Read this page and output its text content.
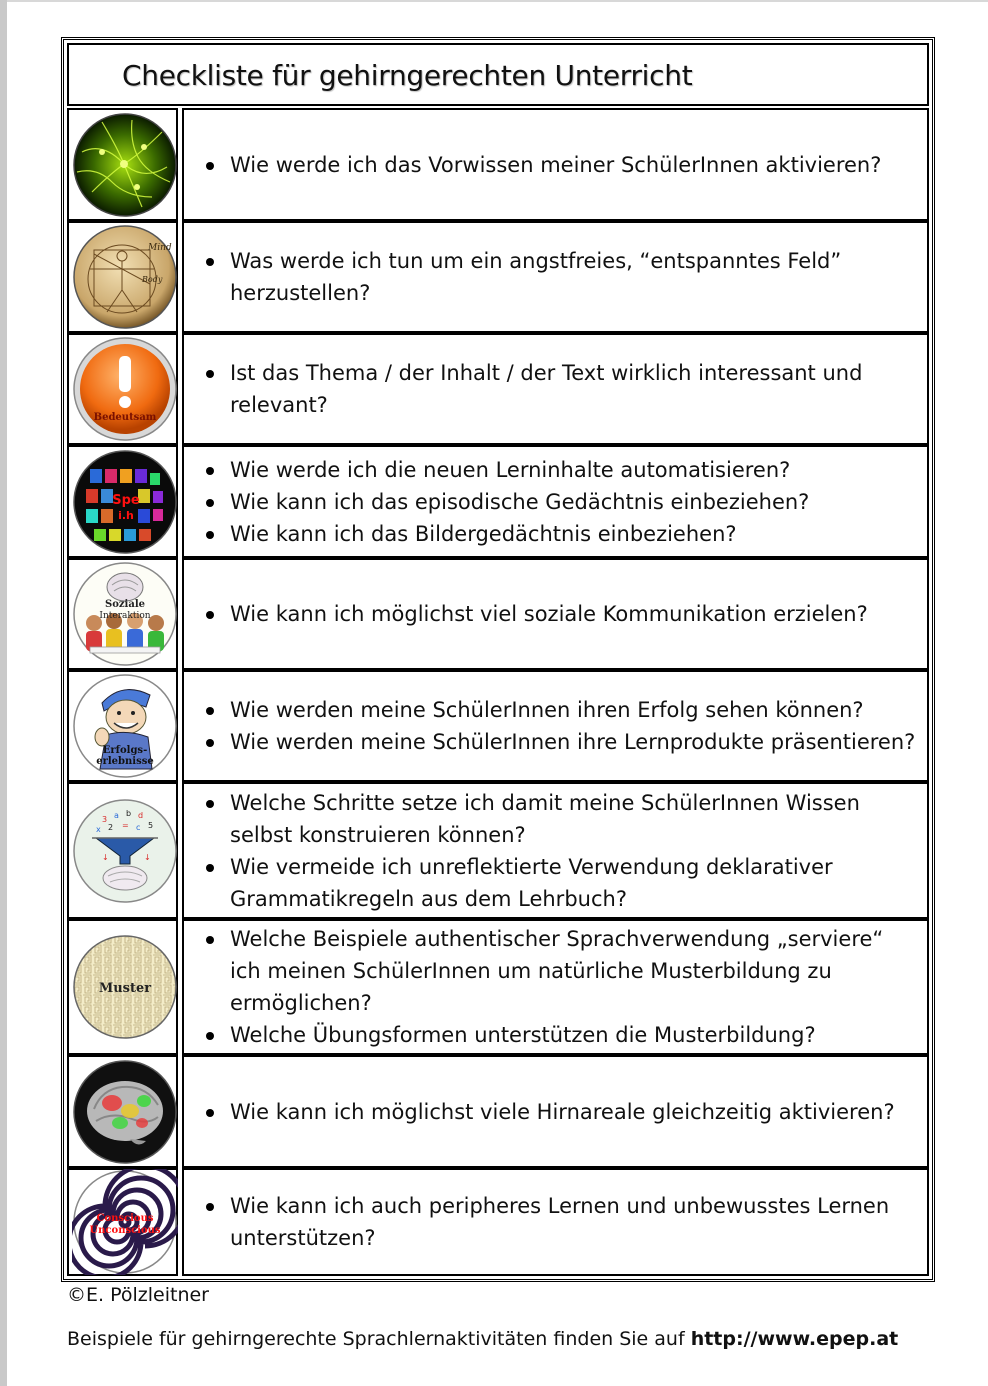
Checkliste für gehirngerechten Unterricht
Wie werde ich das Vorwissen meiner SchülerInnen aktivieren?
Mind
Body
Was werde ich tun um ein angstfreies, “entspanntes Feld” herzustellen?
Bedeutsam
Ist das Thema / der Inhalt / der Text wirklich interessant und relevant?
Spe
i.h
Wie werde ich die neuen Lerninhalte automatisieren?
Wie kann ich das episodische Gedächtnis einbeziehen?
Wie kann ich das Bildergedächtnis einbeziehen?
Soziale
Interaktion	Wie kann ich möglichst viel soziale Kommunikation erzielen?
Erfolgs-
erlebnisse
Wie werden meine SchülerInnen ihren Erfolg sehen können?
Wie werden meine SchülerInnen ihre Lernprodukte präsentieren?
3 a b d
x 2 = c 5
↓	↓
Welche Schritte setze ich damit meine SchülerInnen Wissen selbst konstruieren können?
Wie vermeide ich unreflektierte Verwendung deklarativer Grammatikregeln aus dem Lehrbuch?
Muster
Welche Beispiele authentischer Sprachverwendung „serviere“ ich meinen SchülerInnen um natürliche Musterbildung zu ermöglichen?
Welche Übungsformen unterstützen die Musterbildung?
Wie kann ich möglichst viele Hirnareale gleichzeitig aktivieren?
Conscious
Unconscious
Wie kann ich auch peripheres Lernen und unbewusstes Lernen unterstützen?
©E. Pölzleitner
Beispiele für gehirngerechte Sprachlernaktivitäten finden Sie auf http://www.epep.at
